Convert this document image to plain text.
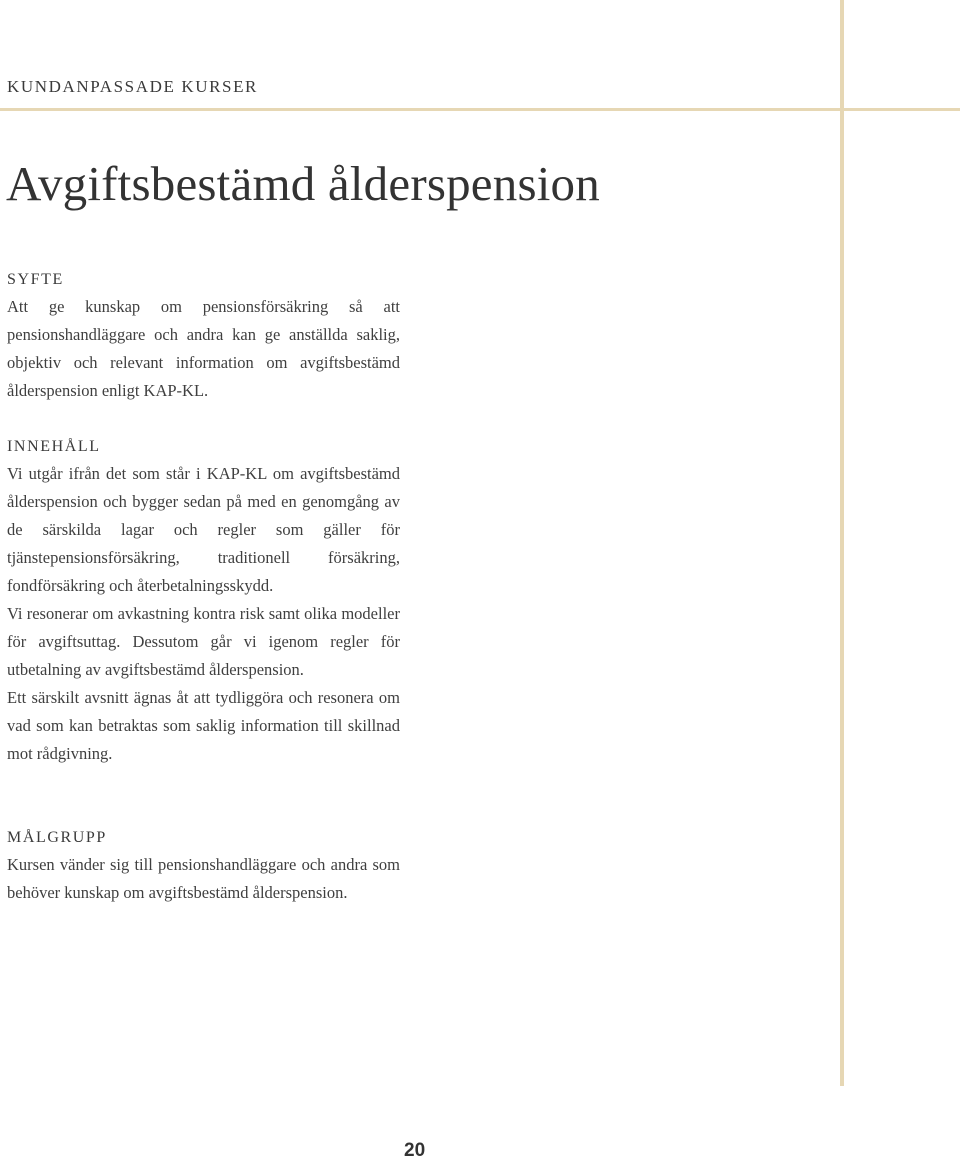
KUNDANPASSADE KURSER
Avgiftsbestämd ålderspension
SYFTE

Att ge kunskap om pensionsförsäkring så att pensionshandläggare och andra kan ge anställda saklig, objektiv och relevant information om avgiftsbestämd ålderspension enligt KAP-KL.

INNEHÅLL

Vi utgår ifrån det som står i KAP-KL om avgiftsbestämd ålderspension och bygger sedan på med en genomgång av de särskilda lagar och regler som gäller för tjänstepensionsförsäkring, traditionell försäkring, fondförsäkring och återbetalningsskydd.

Vi resonerar om avkastning kontra risk samt olika modeller för avgiftsuttag. Dessutom går vi igenom regler för utbetalning av avgiftsbestämd ålderspension.

Ett särskilt avsnitt ägnas åt att tydliggöra och resonera om vad som kan betraktas som saklig information till skillnad mot rådgivning.

MÅLGRUPP

Kursen vänder sig till pensionshandläggare och andra som behöver kunskap om avgiftsbestämd ålderspension.

20
